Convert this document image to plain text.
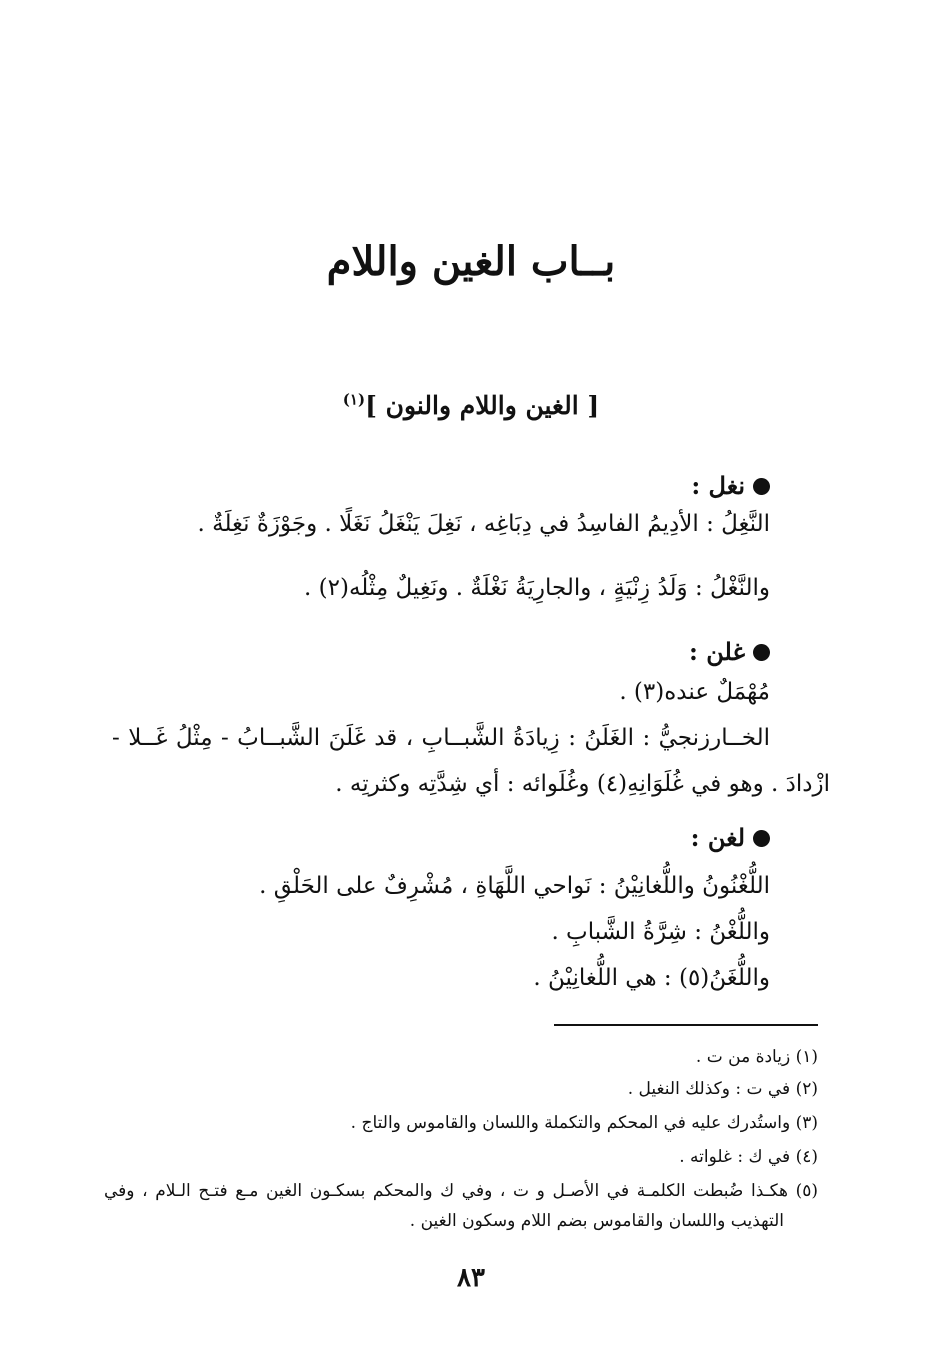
بــاب الغين واللام
[ الغين واللام والنون ]$^{(١)}$
نغل :
النَّغِلُ : الأدِيمُ الفاسِدُ في دِبَاغِه ، نَغِلَ يَنْغَلُ نَغَلًا . وجَوْزَةٌ نَغِلَةٌ .
والنَّغْلُ : وَلَدُ زِنْيَةٍ ، والجارِيَةُ نَغْلَةٌ . ونَغِيلٌ مِثْلُه(٢) .
غلن :
مُهْمَلٌ عنده(٣) .
الخــارزنجيُّ : الغَلَنُ : زِيادَةُ الشَّبــابِ ، قد غَلَنَ الشَّبــابُ - مِثْلُ غَــلا -
ازْدادَ . وهو في غُلَوَانِهِ(٤) وغُلَوائه : أي شِدَّتِه وكثرتِه .
لغن :
اللُّغْنُونُ واللُّغانِيْنُ : نَواحي اللَّهَاةِ ، مُشْرِفٌ على الحَلْقِ .
واللُّغْنُ : شِرَّةُ الشَّبابِ .
واللُّغَنُ(٥) : هي اللُّغانِيْنُ .
(١) زيادة من ت .
(٢) في ت : وكذلك النغيل .
(٣) واستُدرك عليه في المحكم والتكملة واللسان والقاموس والتاج .
(٤) في ك : غلواته .
(٥) هكـذا ضُبطت الكلمـة في الأصـل و ت ، وفي ك والمحكم بسكـون الغين مـع فتـح الـلام ، وفي
التهذيب واللسان والقاموس بضم اللام وسكون الغين .
٨٣
